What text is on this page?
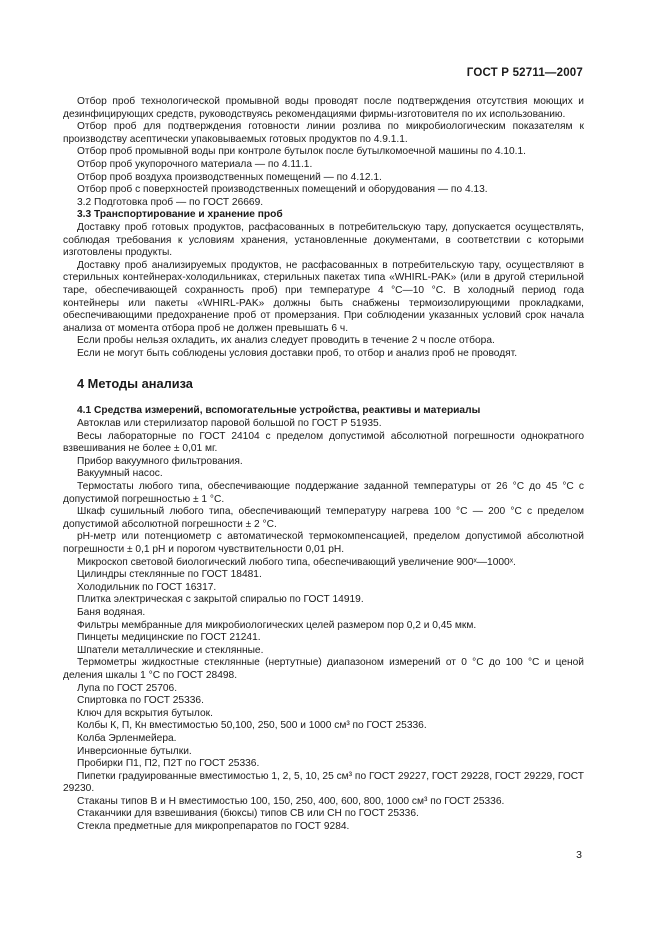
ГОСТ Р 52711—2007

Отбор проб технологической промывной воды проводят после подтверждения отсутствия моющих и дезинфицирующих средств, руководствуясь рекомендациями фирмы-изготовителя по их использованию.

Отбор проб для подтверждения готовности линии розлива по микробиологическим показателям к производству асептически упаковываемых готовых продуктов по 4.9.1.1.

Отбор проб промывной воды при контроле бутылок после бутылкомоечной машины по 4.10.1.

Отбор проб укупорочного материала — по 4.11.1.

Отбор проб воздуха производственных помещений — по 4.12.1.

Отбор проб с поверхностей производственных помещений и оборудования — по 4.13.

3.2 Подготовка проб — по ГОСТ 26669.

3.3 Транспортирование и хранение проб

Доставку проб готовых продуктов, расфасованных в потребительскую тару, допускается осуществлять, соблюдая требования к условиям хранения, установленные документами, в соответствии с которыми изготовлены продукты.

Доставку проб анализируемых продуктов, не расфасованных в потребительскую тару, осуществляют в стерильных контейнерах-холодильниках, стерильных пакетах типа «WHIRL-PAK» (или в другой стерильной таре, обеспечивающей сохранность проб) при температуре 4 °С—10 °С. В холодный период года контейнеры или пакеты «WHIRL-PAK» должны быть снабжены термоизолирующими прокладками, обеспечивающими предохранение проб от промерзания. При соблюдении указанных условий срок начала анализа от момента отбора проб не должен превышать 6 ч.

Если пробы нельзя охладить, их анализ следует проводить в течение 2 ч после отбора.

Если не могут быть соблюдены условия доставки проб, то отбор и анализ проб не проводят.

4 Методы анализа

4.1 Средства измерений, вспомогательные устройства, реактивы и материалы

Автоклав или стерилизатор паровой большой по ГОСТ Р 51935.

Весы лабораторные по ГОСТ 24104 с пределом допустимой абсолютной погрешности однократного взвешивания не более ± 0,01 мг.

Прибор вакуумного фильтрования.

Вакуумный насос.

Термостаты любого типа, обеспечивающие поддержание заданной температуры от 26 °С до 45 °С с допустимой погрешностью ± 1 °С.

Шкаф сушильный любого типа, обеспечивающий температуру нагрева 100 °С — 200 °С с пределом допустимой абсолютной погрешности ± 2 °С.

рН-метр или потенциометр с автоматической термокомпенсацией, пределом допустимой абсолютной погрешности ± 0,1 рН и порогом чувствительности 0,01 рН.

Микроскоп световой биологический любого типа, обеспечивающий увеличение 900ˣ—1000ˣ.

Цилиндры стеклянные по ГОСТ 18481.

Холодильник по ГОСТ 16317.

Плитка электрическая с закрытой спиралью по ГОСТ 14919.

Баня водяная.

Фильтры мембранные для микробиологических целей размером пор 0,2 и 0,45 мкм.

Пинцеты медицинские по ГОСТ 21241.

Шпатели металлические и стеклянные.

Термометры жидкостные стеклянные (нертутные) диапазоном измерений от 0 °С до 100 °С и ценой деления шкалы 1 °С по ГОСТ 28498.

Лупа по ГОСТ 25706.

Спиртовка по ГОСТ 25336.

Ключ для вскрытия бутылок.

Колбы К, П, Кн вместимостью 50,100, 250, 500 и 1000 см³ по ГОСТ 25336.

Колба Эрленмейера.

Инверсионные бутылки.

Пробирки П1, П2, П2Т по ГОСТ 25336.

Пипетки градуированные вместимостью 1, 2, 5, 10, 25 см³ по ГОСТ 29227, ГОСТ 29228, ГОСТ 29229, ГОСТ 29230.

Стаканы типов В и Н вместимостью 100, 150, 250, 400, 600, 800, 1000 см³ по ГОСТ 25336.

Стаканчики для взвешивания (бюксы) типов СВ или СН по ГОСТ 25336.

Стекла предметные для микропрепаратов по ГОСТ 9284.

3
